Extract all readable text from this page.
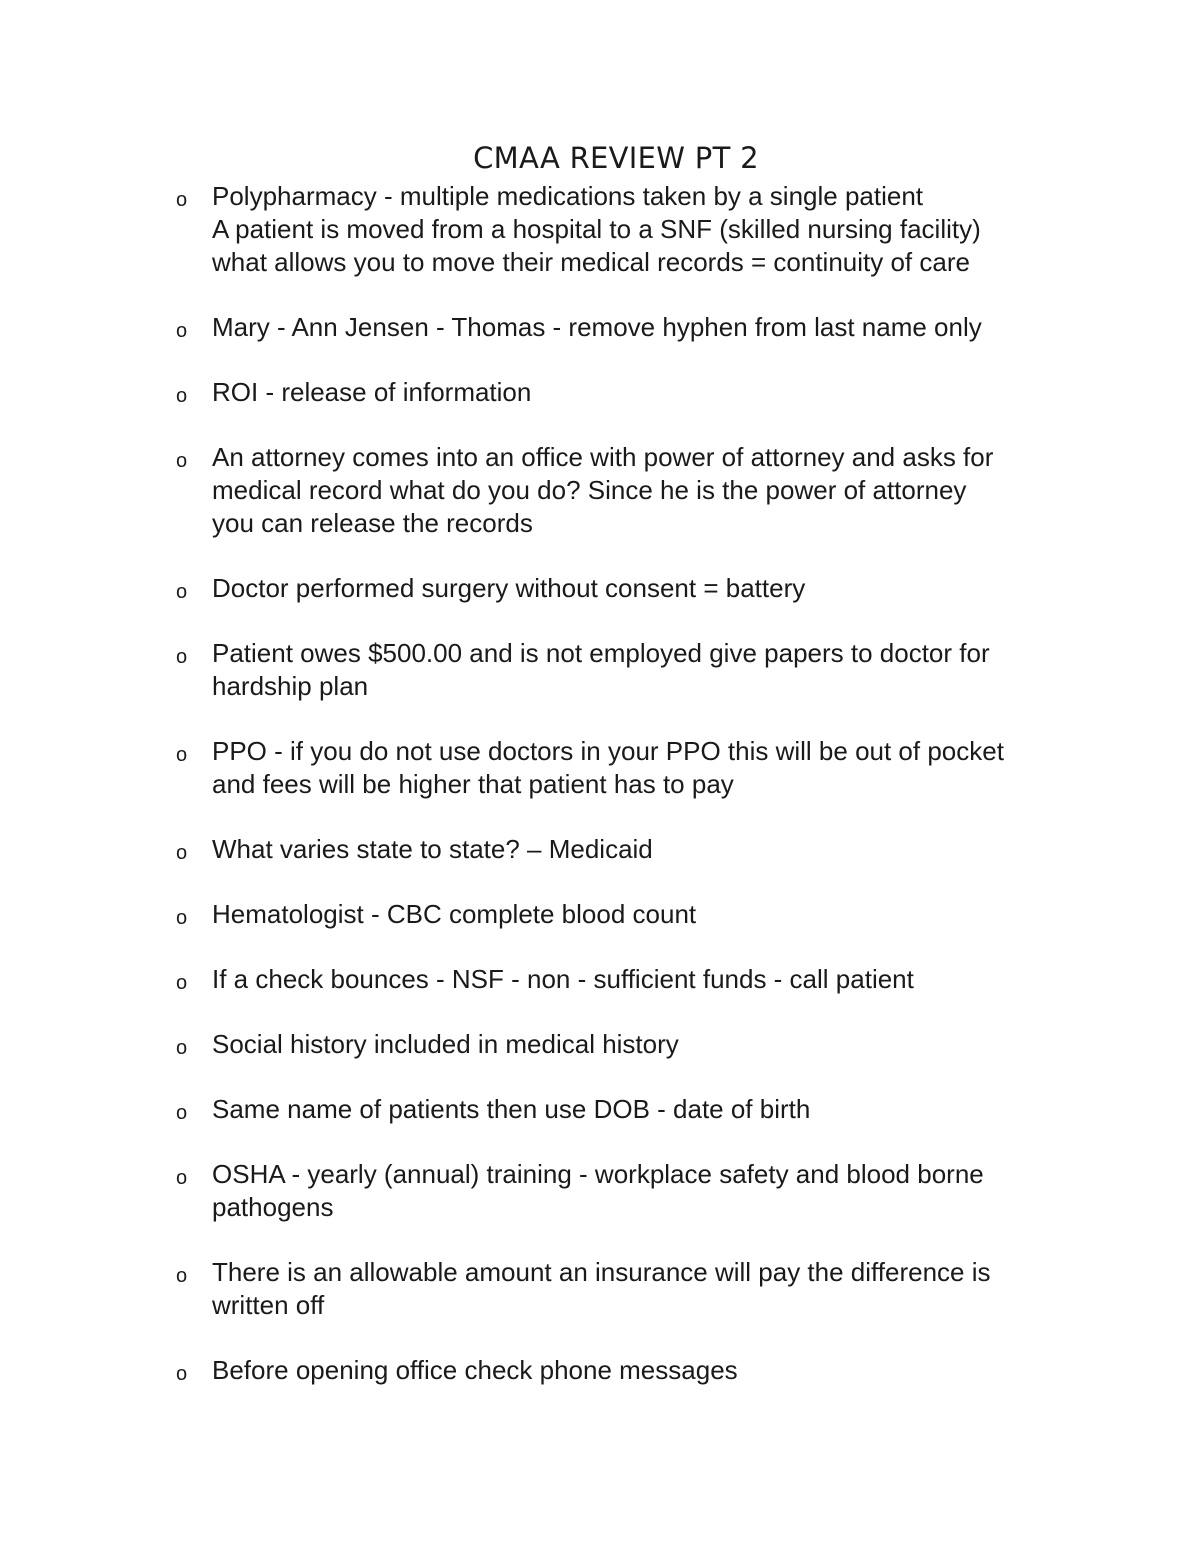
CMAA REVIEW PT 2
o Polypharmacy - multiple medications taken by a single patient
A patient is moved from a hospital to a SNF (skilled nursing facility)
what allows you to move their medical records = continuity of care
o Mary - Ann Jensen - Thomas - remove hyphen from last name only
o ROI - release of information
o An attorney comes into an office with power of attorney and asks for
medical record what do you do? Since he is the power of attorney
you can release the records
o Doctor performed surgery without consent = battery
o Patient owes $500.00 and is not employed give papers to doctor for
hardship plan
o PPO - if you do not use doctors in your PPO this will be out of pocket
and fees will be higher that patient has to pay
o What varies state to state? – Medicaid
o Hematologist - CBC complete blood count
o If a check bounces - NSF - non - sufficient funds - call patient
o Social history included in medical history
o Same name of patients then use DOB - date of birth
o OSHA - yearly (annual) training - workplace safety and blood borne
pathogens
o There is an allowable amount an insurance will pay the difference is
written off
o Before opening office check phone messages
